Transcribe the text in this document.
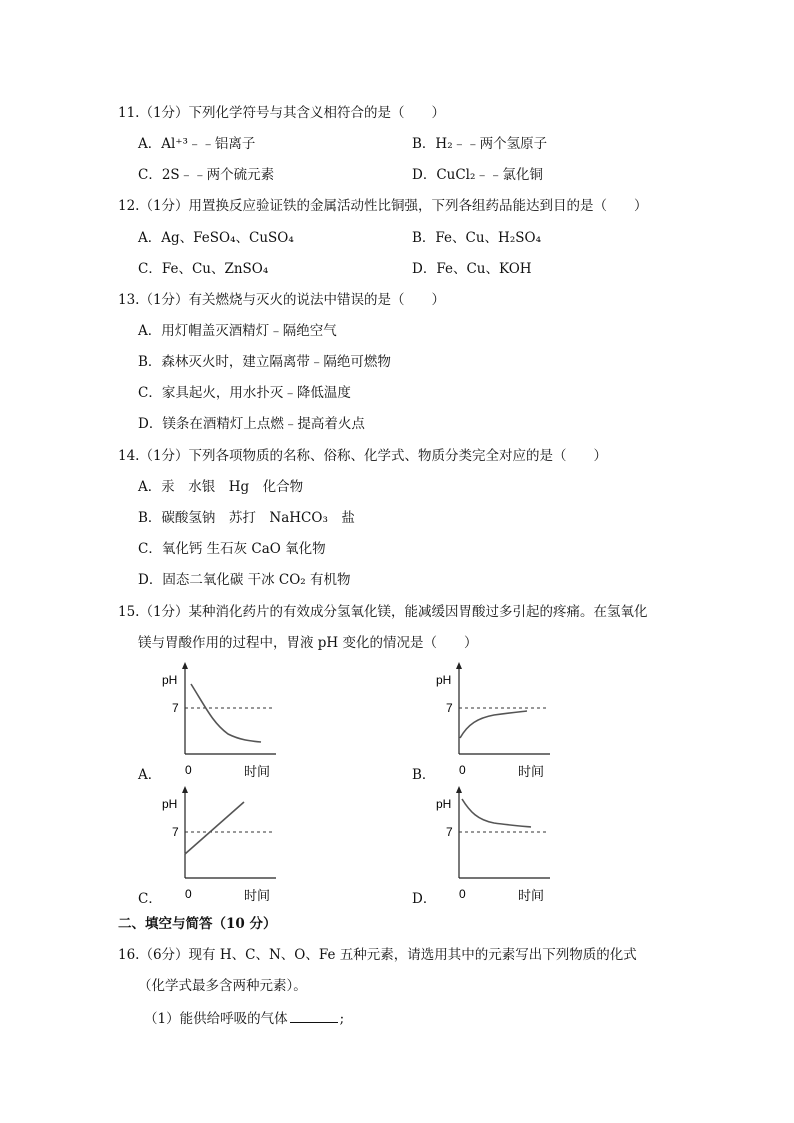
11.（1分）下列化学符号与其含义相符合的是（　　）
A．Al⁺³﹣﹣铝离子	B．H₂﹣﹣两个氢原子
C．2S﹣﹣两个硫元素	D．CuCl₂﹣﹣氯化铜
12.（1分）用置换反应验证铁的金属活动性比铜强，下列各组药品能达到目的是（　　）
A．Ag、FeSO₄、CuSO₄	B．Fe、Cu、H₂SO₄
C．Fe、Cu、ZnSO₄	D．Fe、Cu、KOH
13.（1分）有关燃烧与灭火的说法中错误的是（　　）
A．用灯帽盖灭酒精灯﹣隔绝空气
B．森林灭火时，建立隔离带﹣隔绝可燃物
C．家具起火，用水扑灭﹣降低温度
D．镁条在酒精灯上点燃﹣提高着火点
14.（1分）下列各项物质的名称、俗称、化学式、物质分类完全对应的是（　　）
A．汞　水银　Hg　化合物
B．碳酸氢钠　苏打　NaHCO₃　盐
C．氧化钙 生石灰 CaO 氧化物
D．固态二氧化碳 干冰 CO₂ 有机物
15.（1分）某种消化药片的有效成分氢氧化镁，能减缓因胃酸过多引起的疼痛。在氢氧化
镁与胃酸作用的过程中，胃液 pH 变化的情况是（　　）
A．
pH
7
0	时间	B．
pH
7
0	时间
C．
pH
7
0	时间	D．
pH
7
0	时间
二、填空与简答（10 分）
16.（6分）现有 H、C、N、O、Fe 五种元素，请选用其中的元素写出下列物质的化式
（化学式最多含两种元素）。
（1）能供给呼吸的气体	;
